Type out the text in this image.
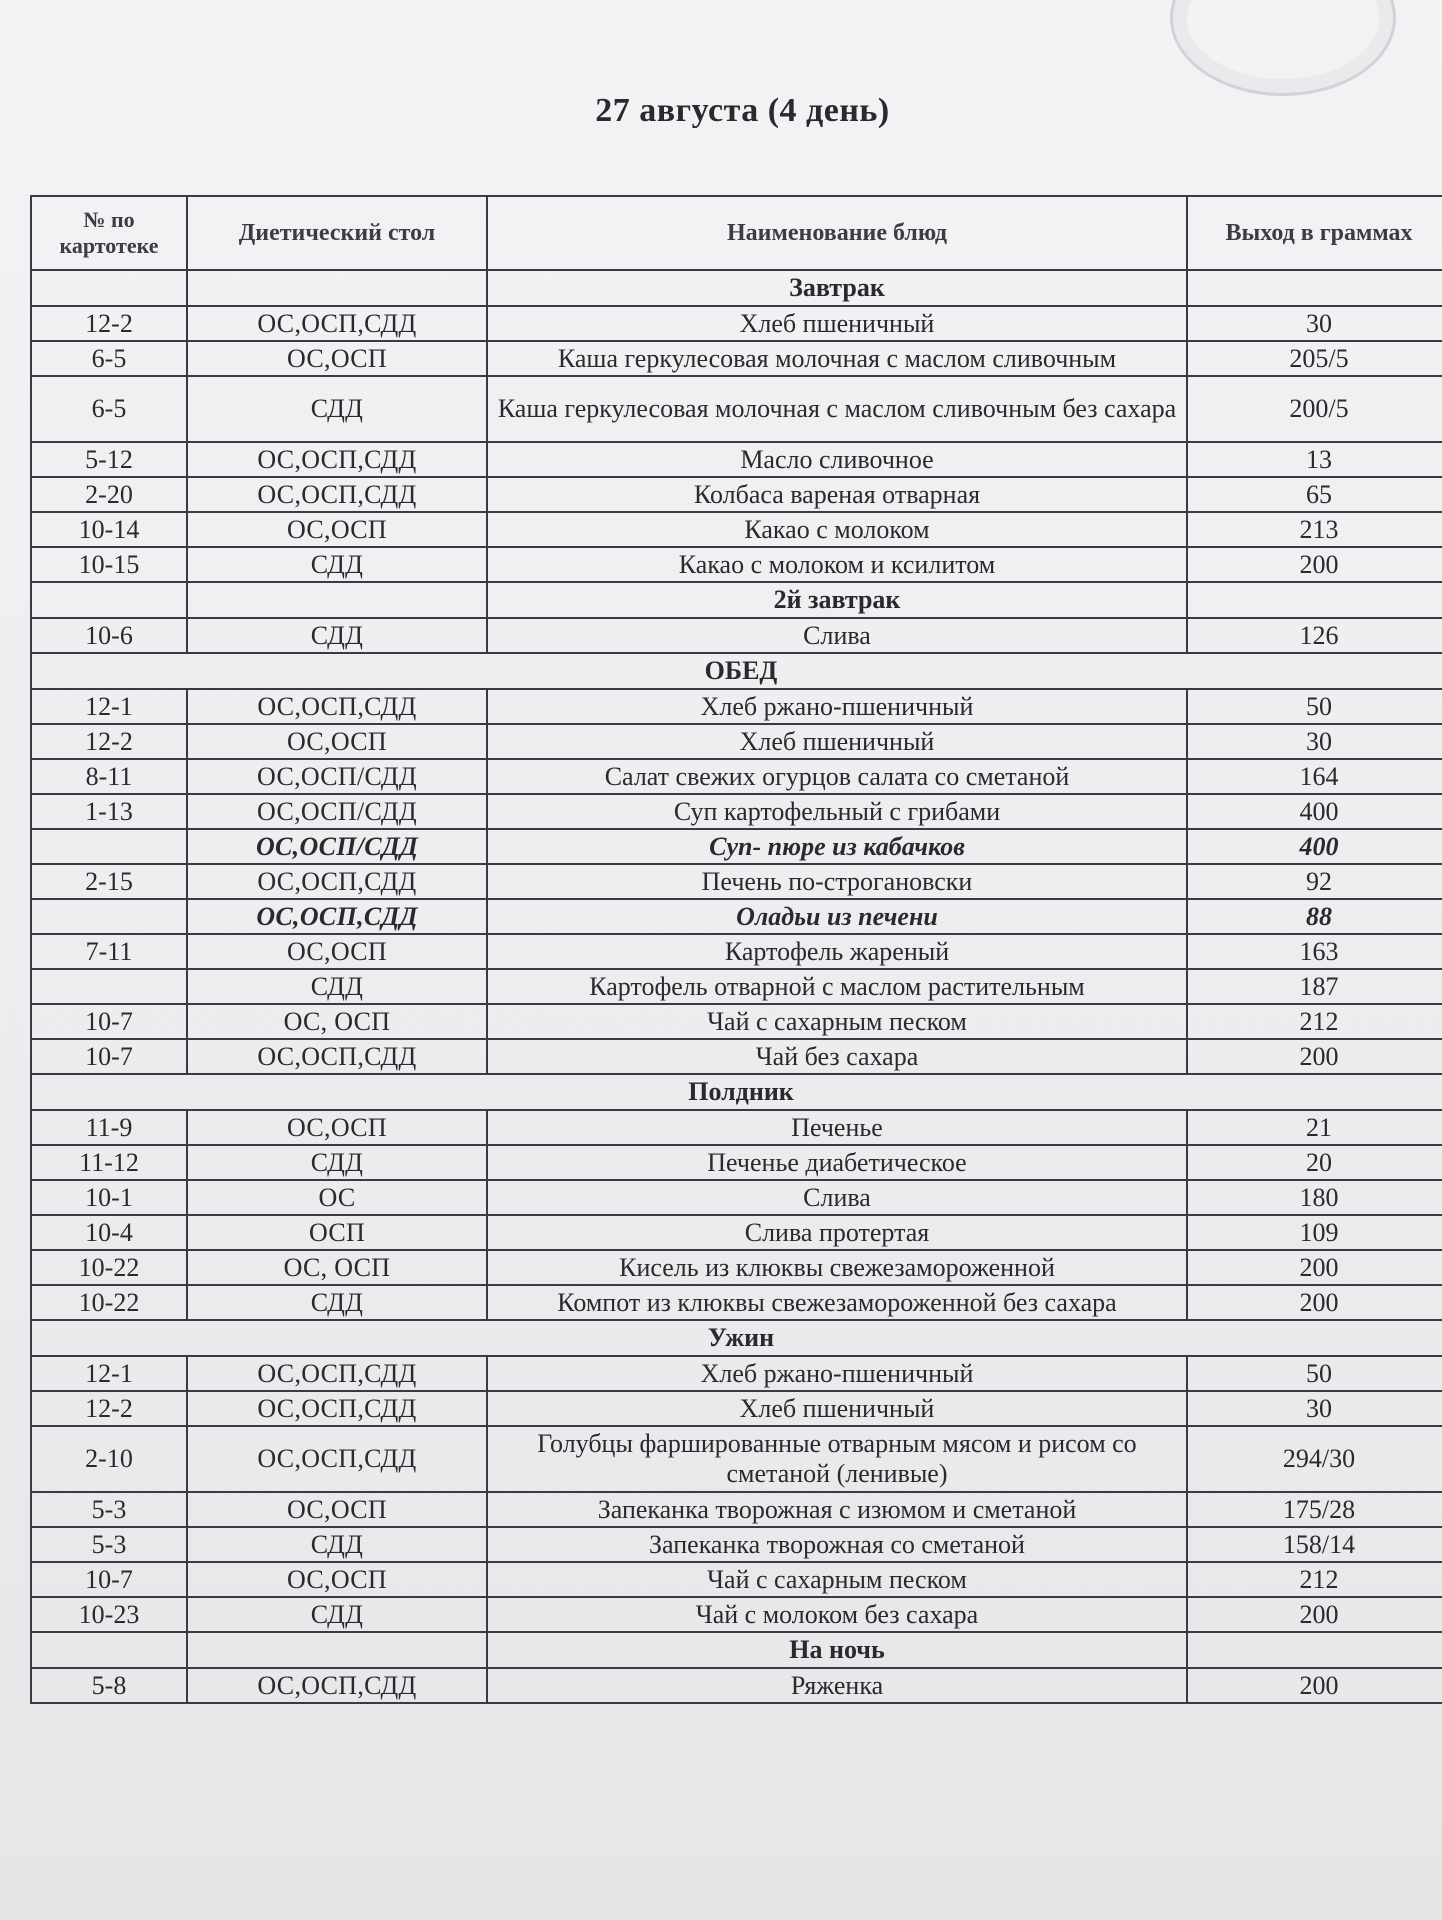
27 августа (4 день)
№ по картотеке	Диетический стол	Наименование блюд	Выход в граммах
		Завтрак	
12-2	ОС,ОСП,СДД	Хлеб пшеничный	30
6-5	ОС,ОСП	Каша геркулесовая молочная с маслом сливочным	205/5
6-5	СДД	Каша геркулесовая молочная с маслом сливочным без сахара	200/5
5-12	ОС,ОСП,СДД	Масло сливочное	13
2-20	ОС,ОСП,СДД	Колбаса вареная отварная	65
10-14	ОС,ОСП	Какао с молоком	213
10-15	СДД	Какао с молоком и ксилитом	200
		2й завтрак	
10-6	СДД	Слива	126
ОБЕД			
12-1	ОС,ОСП,СДД	Хлеб ржано-пшеничный	50
12-2	ОС,ОСП	Хлеб пшеничный	30
8-11	ОС,ОСП/СДД	Салат свежих огурцов салата со сметаной	164
1-13	ОС,ОСП/СДД	Суп картофельный с грибами	400
	ОС,ОСП/СДД	Суп- пюре из кабачков	400
2-15	ОС,ОСП,СДД	Печень по-строгановски	92
	ОС,ОСП,СДД	Оладьи из печени	88
7-11	ОС,ОСП	Картофель жареный	163
	СДД	Картофель отварной с маслом растительным	187
10-7	ОС, ОСП	Чай с сахарным песком	212
10-7	ОС,ОСП,СДД	Чай без сахара	200
Полдник			
11-9	ОС,ОСП	Печенье	21
11-12	СДД	Печенье диабетическое	20
10-1	ОС	Слива	180
10-4	ОСП	Слива протертая	109
10-22	ОС, ОСП	Кисель из клюквы свежезамороженной	200
10-22	СДД	Компот из клюквы свежезамороженной без сахара	200
Ужин			
12-1	ОС,ОСП,СДД	Хлеб ржано-пшеничный	50
12-2	ОС,ОСП,СДД	Хлеб пшеничный	30
2-10	ОС,ОСП,СДД	Голубцы фаршированные отварным мясом и рисом со сметаной (ленивые)	294/30
5-3	ОС,ОСП	Запеканка творожная с изюмом и сметаной	175/28
5-3	СДД	Запеканка творожная со сметаной	158/14
10-7	ОС,ОСП	Чай с сахарным песком	212
10-23	СДД	Чай с молоком без сахара	200
		На ночь	
5-8	ОС,ОСП,СДД	Ряженка	200
